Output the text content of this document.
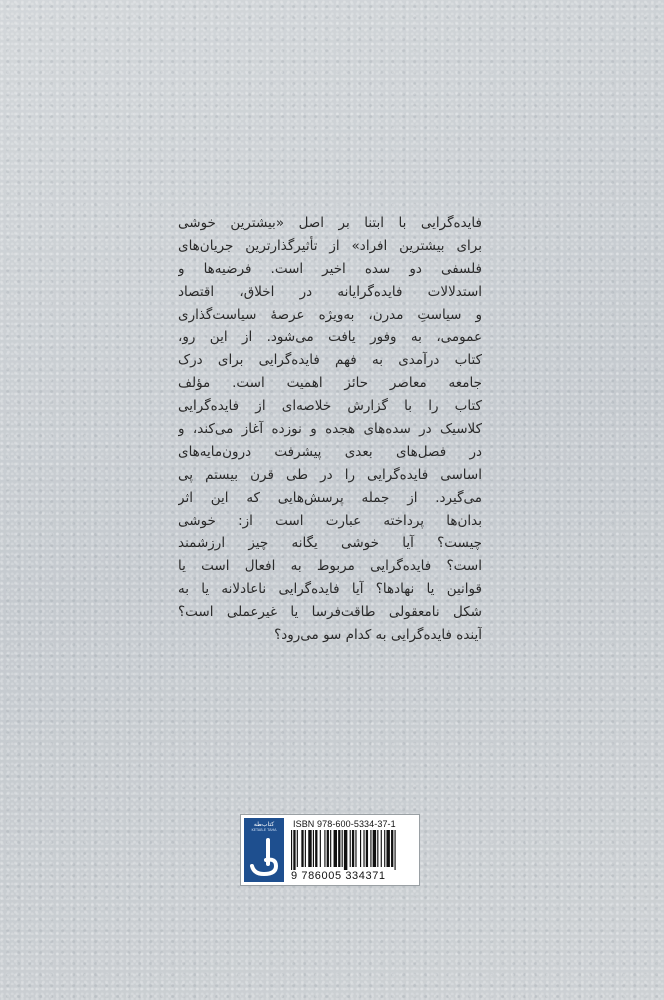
فایده‌گرایی با ابتنا بر اصل «بیشترین خوشی
برای بیشترین افراد» از تأثیرگذارترین جریان‌های
فلسفی دو سده اخیر است. فرضیه‌ها و
استدلالات فایده‌گرایانه در اخلاق، اقتصاد
و سیاستِ مدرن، به‌ویژه عرصهٔ سیاست‌گذاری
عمومی، به وفور یافت می‌شود. از این رو،
کتاب درآمدی به فهم فایده‌گرایی برای درک
جامعه معاصر حائز اهمیت است. مؤلف
کتاب را با گزارش خلاصه‌ای از فایده‌گرایی
کلاسیک در سده‌های هجده و نوزده آغاز می‌کند، و
در فصل‌های بعدی پیشرفت درون‌مایه‌های
اساسی فایده‌گرایی را در طی قرن بیستم پی
می‌گیرد. از جمله پرسش‌هایی که این اثر
بدان‌ها پرداخته عبارت است از: خوشی
چیست؟ آیا خوشی یگانه چیز ارزشمند
است؟ فایده‌گرایی مربوط به افعال است یا
قوانین یا نهادها؟ آیا فایده‌گرایی ناعادلانه یا به
شکل نامعقولی طاقت‌فرسا یا غیرعملی است؟
آینده فایده‌گرایی به کدام سو می‌رود؟
کتاب‌طه
KETAB-E TAHA
ISBN 978-600-5334-37-1
9 786005 334371
